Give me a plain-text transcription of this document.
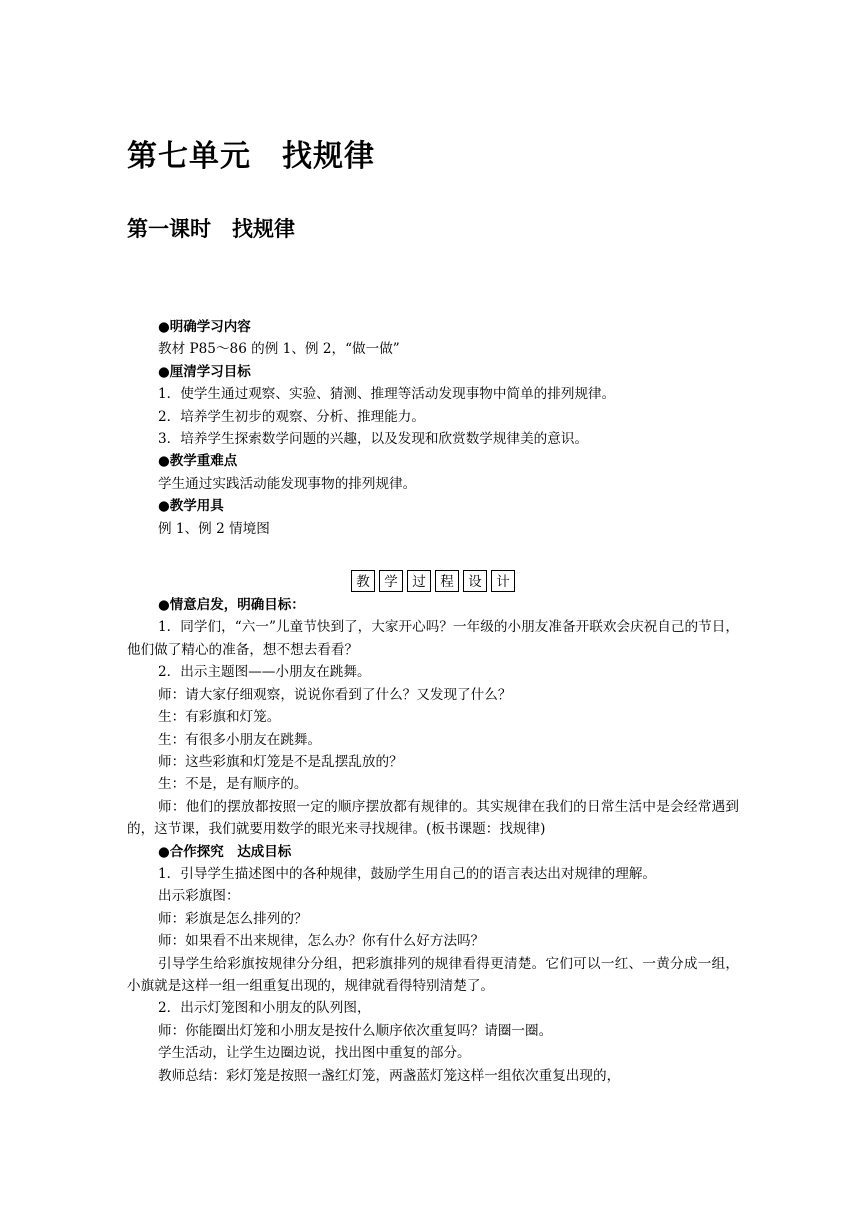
第七单元　找规律
第一课时　找规律
●明确学习内容
教材 P85～86 的例 1、例 2，“做一做”
●厘清学习目标
1．使学生通过观察、实验、猜测、推理等活动发现事物中简单的排列规律。
2．培养学生初步的观察、分析、推理能力。
3．培养学生探索数学问题的兴趣，以及发现和欣赏数学规律美的意识。
●教学重难点
学生通过实践活动能发现事物的排列规律。
●教学用具
例 1、例 2 情境图
教	学	过	程	设	计
●情意启发，明确目标：
1．同学们，“六一”儿童节快到了，大家开心吗？一年级的小朋友准备开联欢会庆祝自己的节日，他们做了精心的准备，想不想去看看？
2．出示主题图——小朋友在跳舞。
师：请大家仔细观察，说说你看到了什么？又发现了什么？
生：有彩旗和灯笼。
生：有很多小朋友在跳舞。
师：这些彩旗和灯笼是不是乱摆乱放的？
生：不是，是有顺序的。
师：他们的摆放都按照一定的顺序摆放都有规律的。其实规律在我们的日常生活中是会经常遇到的，这节课，我们就要用数学的眼光来寻找规律。(板书课题：找规律)
●合作探究　达成目标
1．引导学生描述图中的各种规律，鼓励学生用自己的的语言表达出对规律的理解。
出示彩旗图：
师：彩旗是怎么排列的？
师：如果看不出来规律，怎么办？你有什么好方法吗？
引导学生给彩旗按规律分分组，把彩旗排列的规律看得更清楚。它们可以一红、一黄分成一组，小旗就是这样一组一组重复出现的，规律就看得特别清楚了。
2．出示灯笼图和小朋友的队列图，
师：你能圈出灯笼和小朋友是按什么顺序依次重复吗？请圈一圈。
学生活动，让学生边圈边说，找出图中重复的部分。
教师总结：彩灯笼是按照一盏红灯笼，两盏蓝灯笼这样一组依次重复出现的，
